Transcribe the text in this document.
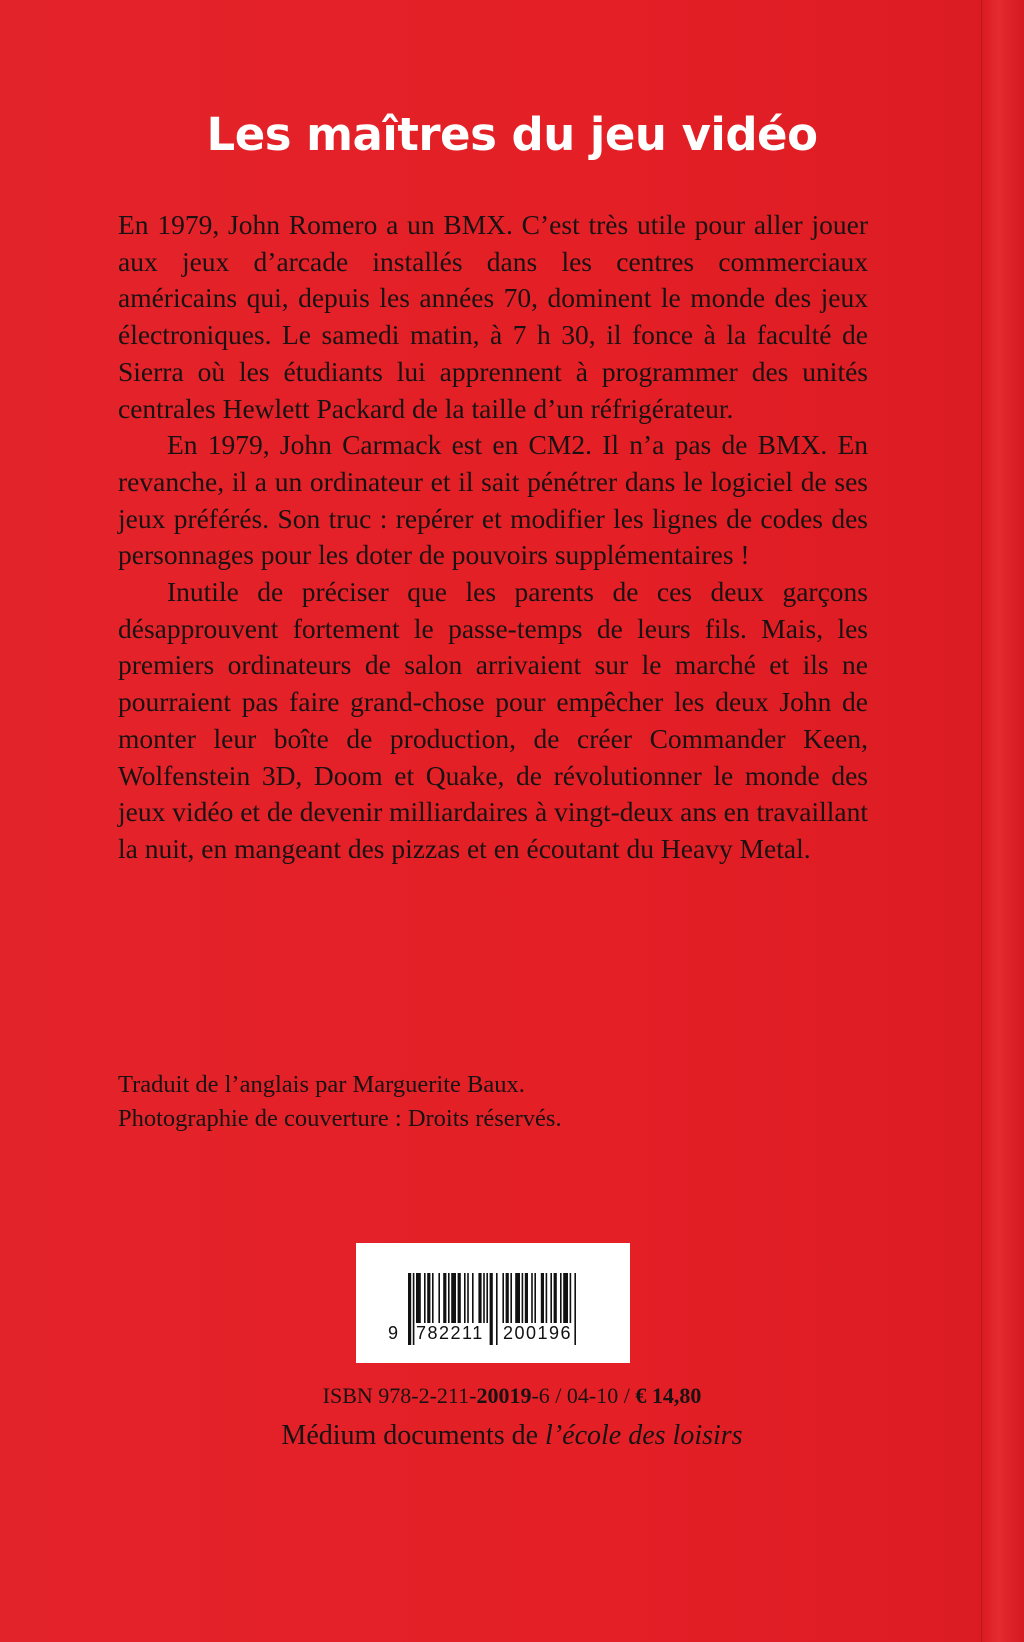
Les maîtres du jeu vidéo

En 1979, John Romero a un BMX. C’est très utile pour aller jouer aux jeux d’arcade installés dans les centres commerciaux américains qui, depuis les années 70, dominent le monde des jeux électroniques. Le samedi matin, à 7 h 30, il fonce à la faculté de Sierra où les étudiants lui apprennent à programmer des unités centrales Hewlett Packard de la taille d’un réfrigérateur.

En 1979, John Carmack est en CM2. Il n’a pas de BMX. En revanche, il a un ordinateur et il sait pénétrer dans le logiciel de ses jeux préférés. Son truc : repérer et modifier les lignes de codes des personnages pour les doter de pouvoirs supplémentaires !

Inutile de préciser que les parents de ces deux garçons désapprouvent fortement le passe-temps de leurs fils. Mais, les premiers ordinateurs de salon arrivaient sur le marché et ils ne pourraient pas faire grand-chose pour empêcher les deux John de monter leur boîte de production, de créer Commander Keen, Wolfenstein 3D, Doom et Quake, de révolutionner le monde des jeux vidéo et de devenir milliardaires à vingt-deux ans en travaillant la nuit, en mangeant des pizzas et en écoutant du Heavy Metal.

Traduit de l’anglais par Marguerite Baux.
Photographie de couverture : Droits réservés.
9 782211 200196
ISBN 978-2-211-20019-6 / 04-10 / € 14,80
Médium documents de l’école des loisirs
